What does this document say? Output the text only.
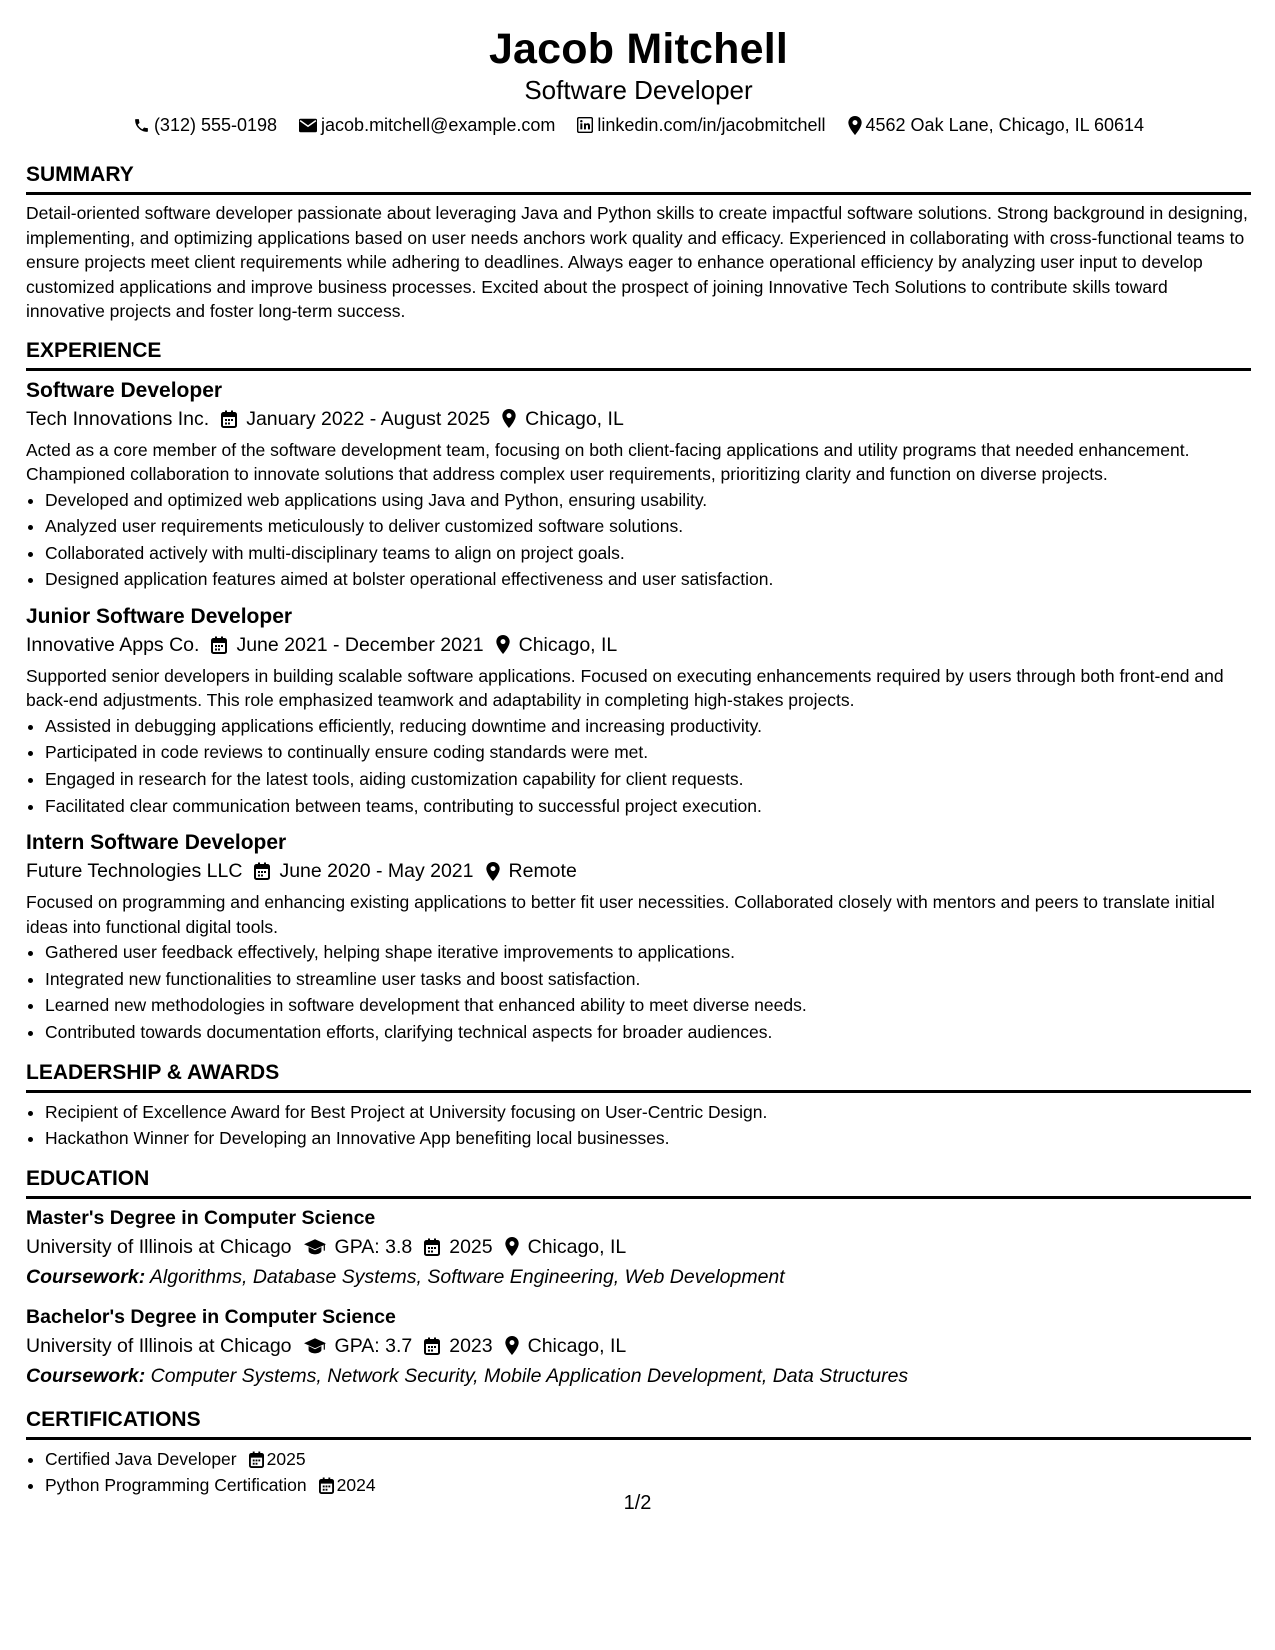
Jacob Mitchell
Software Developer
(312) 555-0198 jacob.mitchell@example.com linkedin.com/in/jacobmitchell 4562 Oak Lane, Chicago, IL 60614
SUMMARY

Detail-oriented software developer passionate about leveraging Java and Python skills to create impactful software solutions. Strong background in designing, implementing, and optimizing applications based on user needs anchors work quality and efficacy. Experienced in collaborating with cross-functional teams to ensure projects meet client requirements while adhering to deadlines. Always eager to enhance operational efficiency by analyzing user input to develop customized applications and improve business processes. Excited about the prospect of joining Innovative Tech Solutions to contribute skills toward innovative projects and foster long-term success.

EXPERIENCE
Software Developer
Tech Innovations Inc. January 2022 - August 2025 Chicago, IL

Acted as a core member of the software development team, focusing on both client-facing applications and utility programs that needed enhancement. Championed collaboration to innovate solutions that address complex user requirements, prioritizing clarity and function on diverse projects.

• Developed and optimized web applications using Java and Python, ensuring usability.
• Analyzed user requirements meticulously to deliver customized software solutions.
• Collaborated actively with multi-disciplinary teams to align on project goals.
• Designed application features aimed at bolster operational effectiveness and user satisfaction.
Junior Software Developer
Innovative Apps Co. June 2021 - December 2021 Chicago, IL

Supported senior developers in building scalable software applications. Focused on executing enhancements required by users through both front-end and back-end adjustments. This role emphasized teamwork and adaptability in completing high-stakes projects.

• Assisted in debugging applications efficiently, reducing downtime and increasing productivity.
• Participated in code reviews to continually ensure coding standards were met.
• Engaged in research for the latest tools, aiding customization capability for client requests.
• Facilitated clear communication between teams, contributing to successful project execution.
Intern Software Developer
Future Technologies LLC June 2020 - May 2021 Remote

Focused on programming and enhancing existing applications to better fit user necessities. Collaborated closely with mentors and peers to translate initial ideas into functional digital tools.

• Gathered user feedback effectively, helping shape iterative improvements to applications.
• Integrated new functionalities to streamline user tasks and boost satisfaction.
• Learned new methodologies in software development that enhanced ability to meet diverse needs.
• Contributed towards documentation efforts, clarifying technical aspects for broader audiences.
LEADERSHIP & AWARDS
• Recipient of Excellence Award for Best Project at University focusing on User-Centric Design.
• Hackathon Winner for Developing an Innovative App benefiting local businesses.
EDUCATION
Master's Degree in Computer Science
University of Illinois at Chicago GPA: 3.8 2025 Chicago, IL
Coursework: Algorithms, Database Systems, Software Engineering, Web Development
Bachelor's Degree in Computer Science
University of Illinois at Chicago GPA: 3.7 2023 Chicago, IL
Coursework: Computer Systems, Network Security, Mobile Application Development, Data Structures
CERTIFICATIONS
• Certified Java Developer 2025
• Python Programming Certification 2024
1/2
